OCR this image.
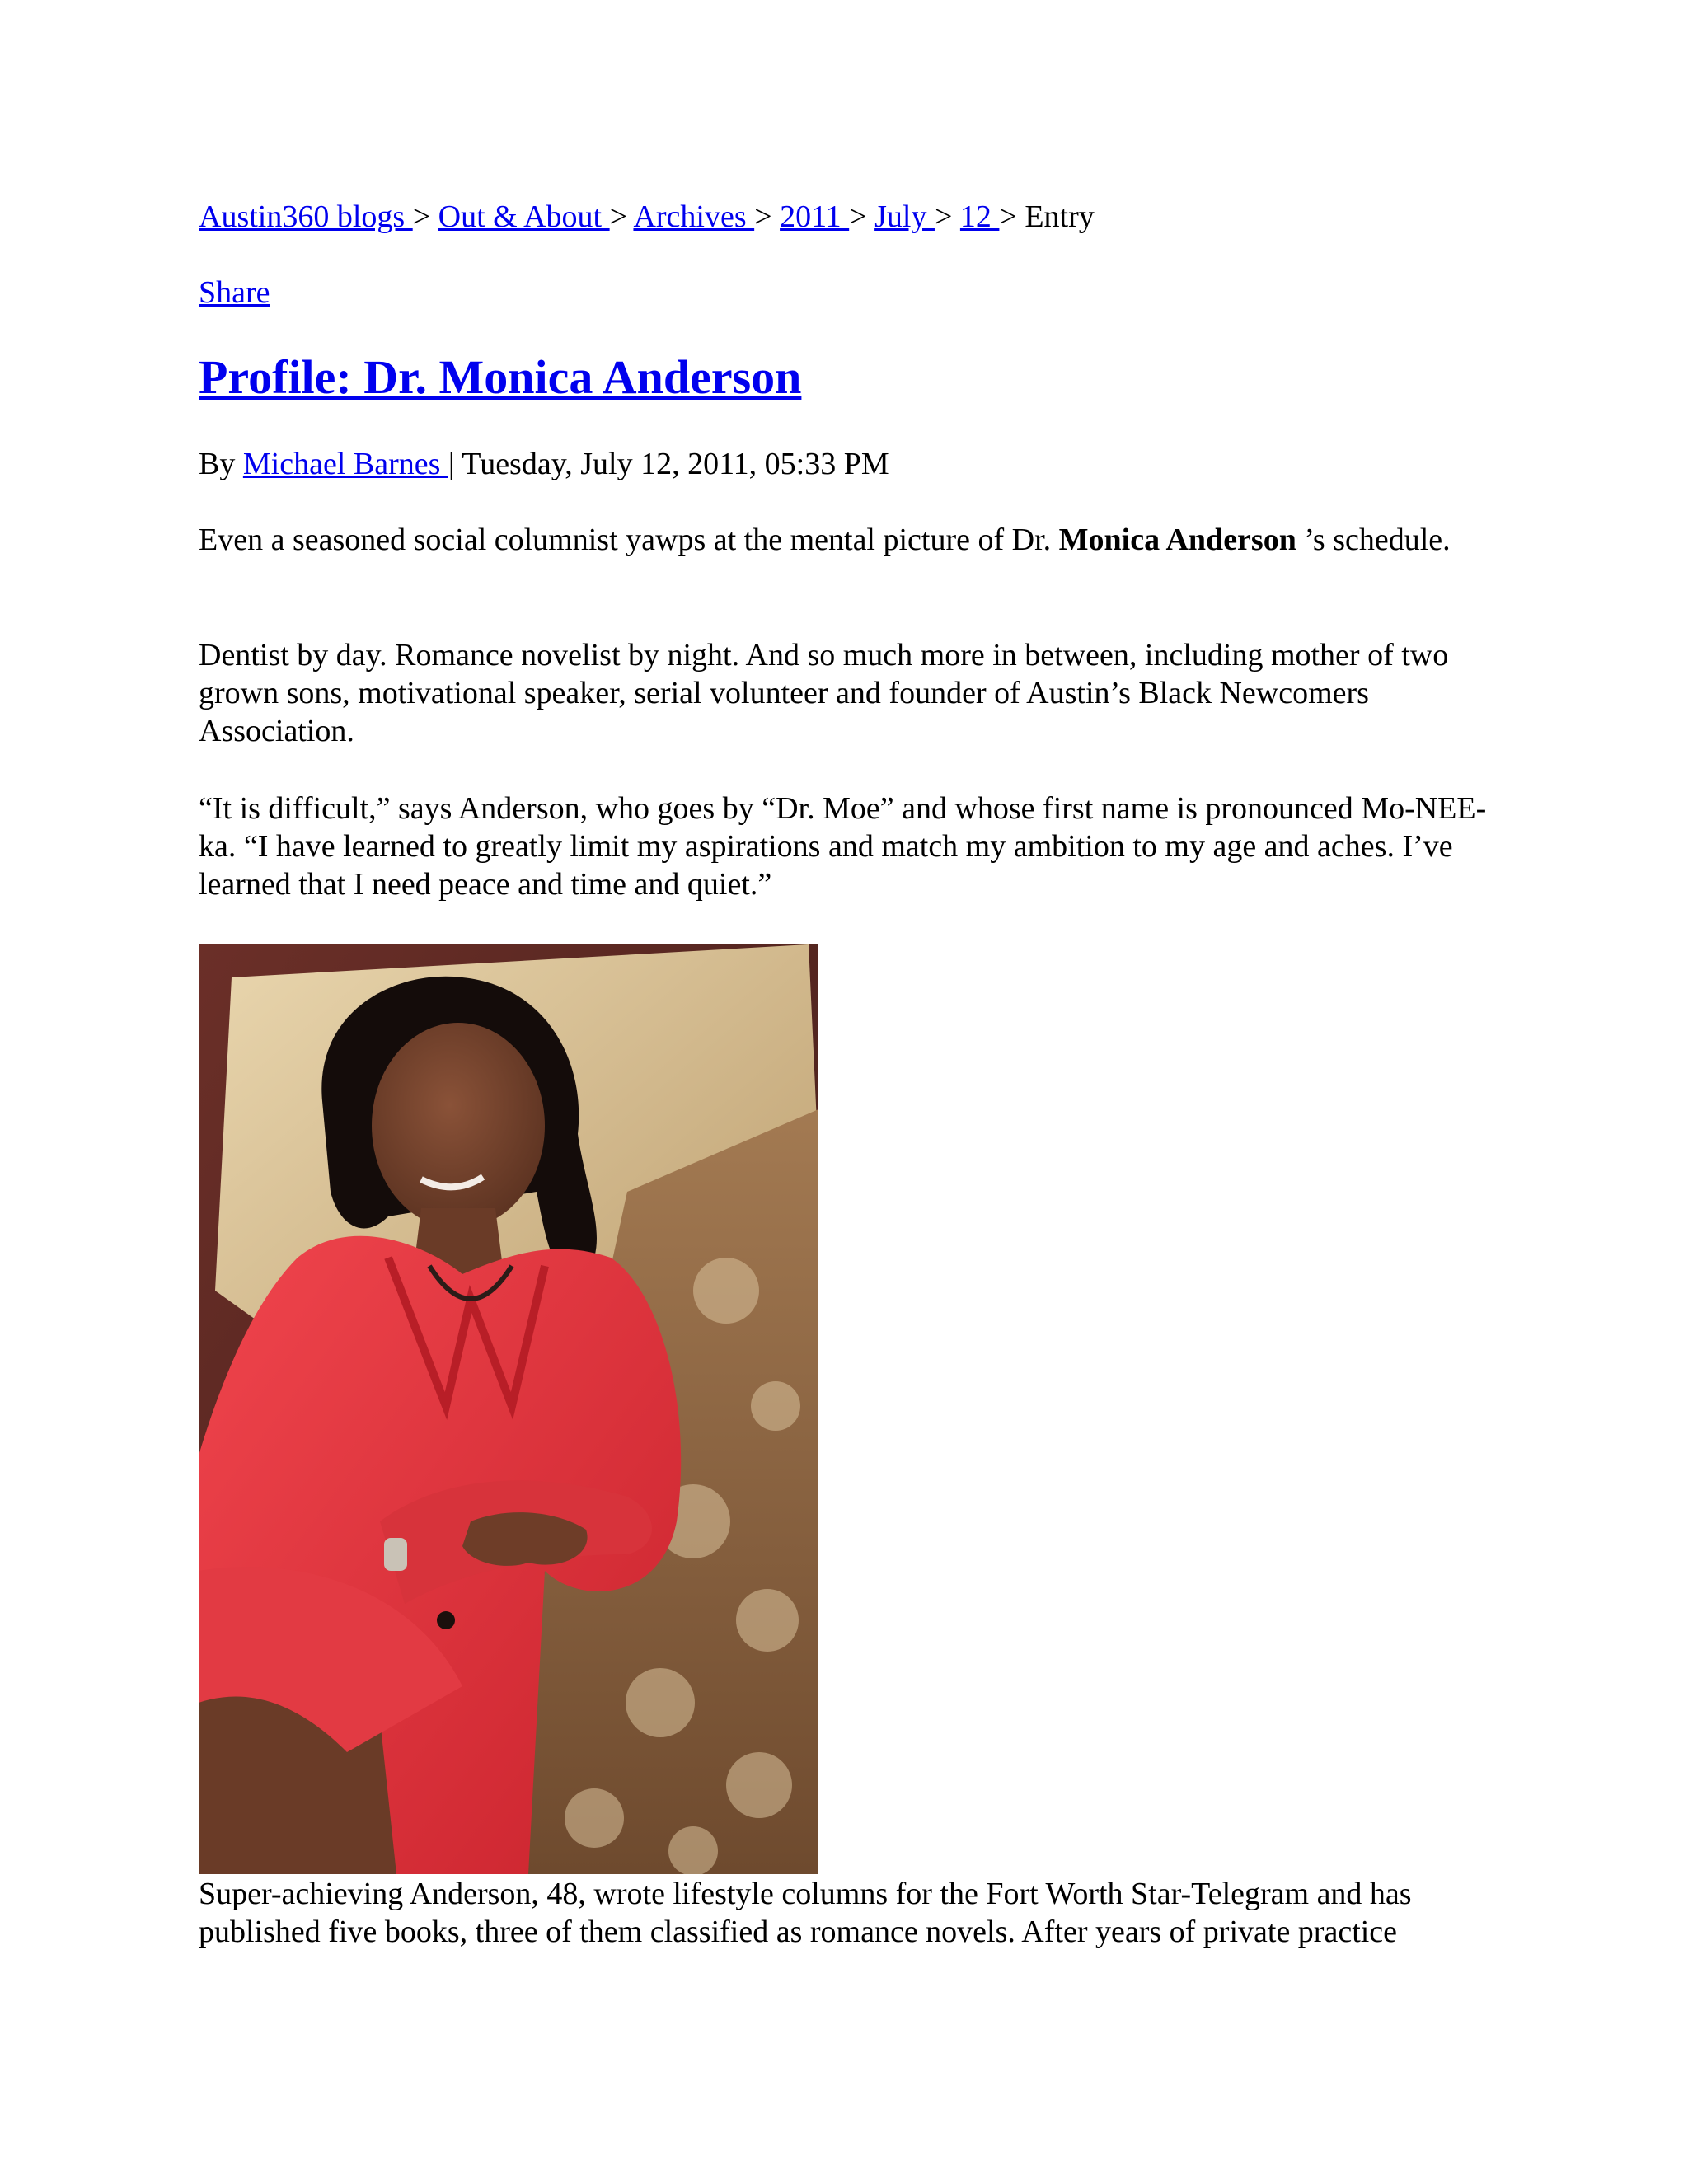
Austin360 blogs > Out & About > Archives > 2011 > July > 12 > Entry
Share
Profile: Dr. Monica Anderson
By Michael Barnes | Tuesday, July 12, 2011, 05:33 PM

Even a seasoned social columnist yawps at the mental picture of Dr. Monica Anderson ’s schedule.

Dentist by day. Romance novelist by night. And so much more in between, including mother of two grown sons, motivational speaker, serial volunteer and founder of Austin’s Black Newcomers Association.

“It is difficult,” says Anderson, who goes by “Dr. Moe” and whose first name is pronounced Mo-NEE-ka. “I have learned to greatly limit my aspirations and match my ambition to my age and aches. I’ve learned that I need peace and time and quiet.”

Super-achieving Anderson, 48, wrote lifestyle columns for the Fort Worth Star-Telegram and has published five books, three of them classified as romance novels. After years of private practice
